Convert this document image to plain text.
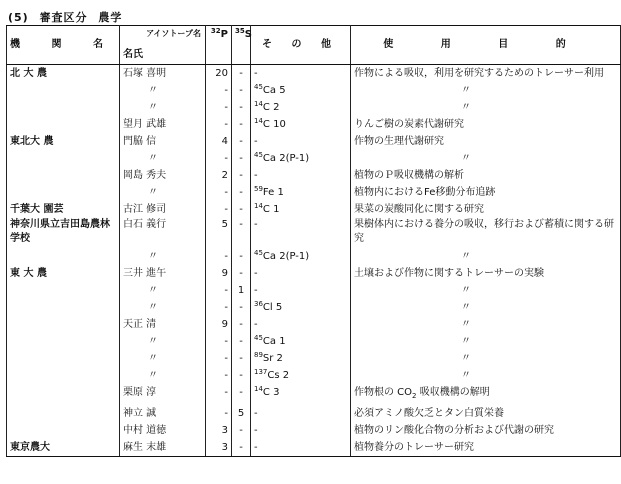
(5) 審査区分 農学
機 関 名	アイソトープ名
名氏	$^{32}$P	$^{35}$S	そ の 他	使 用 目 的
北 大 農	石塚 喜明	20	-	-	作物による吸収，利用を研究するためのトレーサー利用
	〃	-	-	$^{45}$Ca 5	〃
	〃	-	-	$^{14}$C 2	〃
	望月 武雄	-	-	$^{14}$C 10	りんご樹の炭素代謝研究
東北大 農	門脇 信	4	-	-	作物の生理代謝研究
	〃	-	-	$^{45}$Ca 2(P-1)	〃
	岡島 秀夫	2	-	-	植物のＰ吸収機構の解析
	〃	-	-	$^{59}$Fe 1	植物内におけるFe移動分布追跡
千葉大 園芸	古江 修司	-	-	$^{14}$C 1	果菜の炭酸同化に関する研究
神奈川県立吉田島農林学校	白石 義行	5	-	-	果樹体内における養分の吸収，移行および蓄積に関する研究
	〃	-	-	$^{45}$Ca 2(P-1)	〃
東 大 農	三井 進午	9	-	-	土壌および作物に関するトレーサーの実験
	〃	-	1	-	〃
	〃	-	-	$^{36}$Cl 5	〃
	天正 清	9	-	-	〃
	〃	-	-	$^{45}$Ca 1	〃
	〃	-	-	$^{89}$Sr 2	〃
	〃	-	-	$^{137}$Cs 2	〃
	栗原 淳	-	-	$^{14}$C 3	作物根の $CO_2$ 吸収機構の解明
	神立 誠	-	5	-	必須アミノ酸欠乏とタン白質栄養
	中村 道徳	3	-	-	植物のリン酸化合物の分析および代謝の研究
東京農大	麻生 末雄	3	-	-	植物養分のトレーサー研究
